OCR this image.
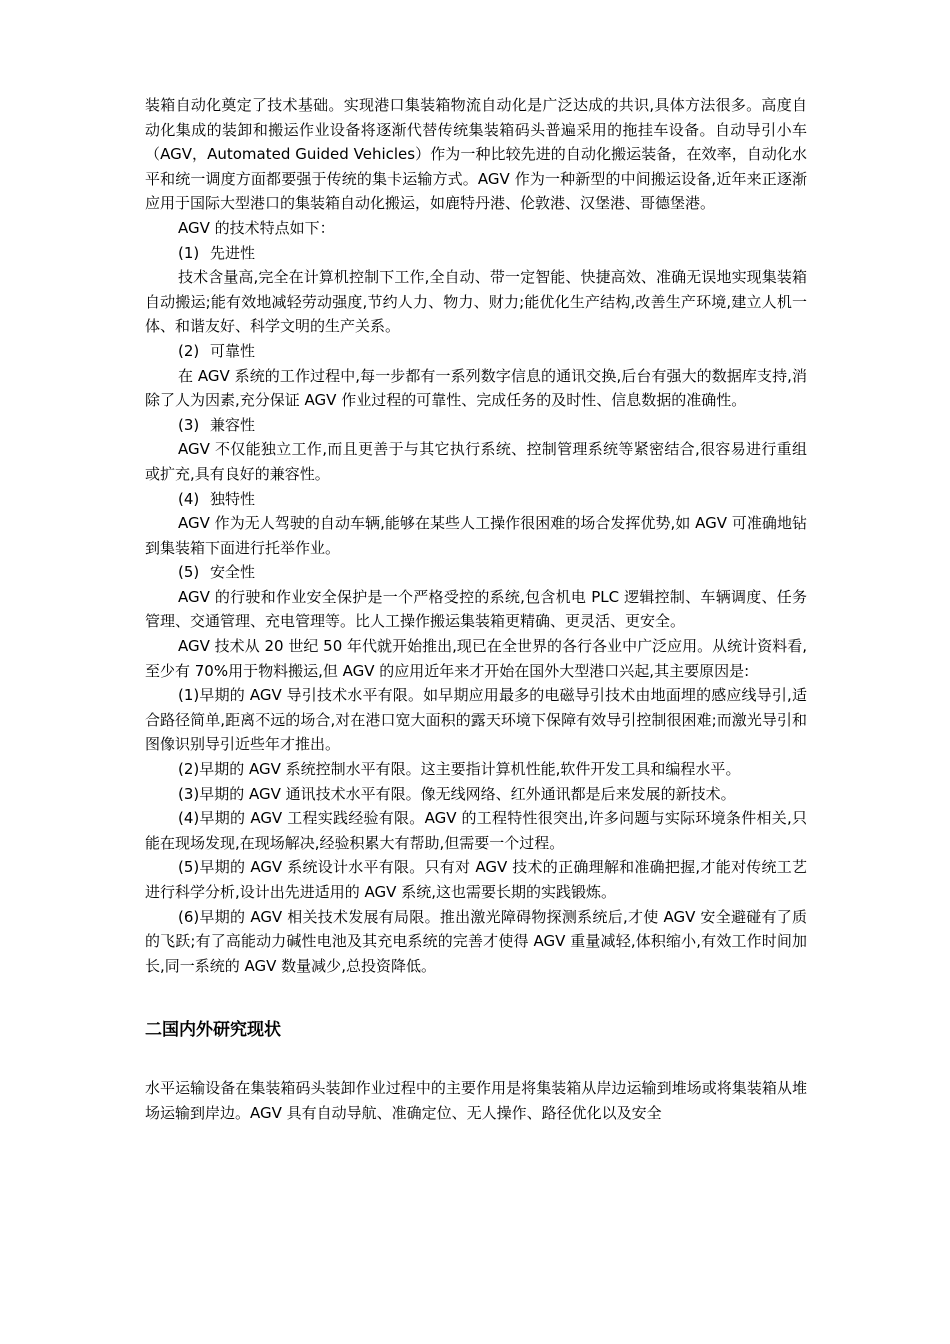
装箱自动化奠定了技术基础。实现港口集装箱物流自动化是广泛达成的共识,具体方法很多。高度自动化集成的装卸和搬运作业设备将逐渐代替传统集装箱码头普遍采用的拖挂车设备。自动导引小车（AGV，Automated Guided Vehicles）作为一种比较先进的自动化搬运装备，在效率，自动化水平和统一调度方面都要强于传统的集卡运输方式。AGV 作为一种新型的中间搬运设备,近年来正逐渐应用于国际大型港口的集装箱自动化搬运，如鹿特丹港、伦敦港、汉堡港、哥德堡港。

AGV 的技术特点如下：

(1) 先进性

技术含量高,完全在计算机控制下工作,全自动、带一定智能、快捷高效、准确无误地实现集装箱自动搬运;能有效地减轻劳动强度,节约人力、物力、财力;能优化生产结构,改善生产环境,建立人机一体、和谐友好、科学文明的生产关系。

(2) 可靠性

在 AGV 系统的工作过程中,每一步都有一系列数字信息的通讯交换,后台有强大的数据库支持,消除了人为因素,充分保证 AGV 作业过程的可靠性、完成任务的及时性、信息数据的准确性。

(3) 兼容性

AGV 不仅能独立工作,而且更善于与其它执行系统、控制管理系统等紧密结合,很容易进行重组或扩充,具有良好的兼容性。

(4) 独特性

AGV 作为无人驾驶的自动车辆,能够在某些人工操作很困难的场合发挥优势,如 AGV 可准确地钻到集装箱下面进行托举作业。

(5) 安全性

AGV 的行驶和作业安全保护是一个严格受控的系统,包含机电 PLC 逻辑控制、车辆调度、任务管理、交通管理、充电管理等。比人工操作搬运集装箱更精确、更灵活、更安全。

AGV 技术从 20 世纪 50 年代就开始推出,现已在全世界的各行各业中广泛应用。从统计资料看,至少有 70%用于物料搬运,但 AGV 的应用近年来才开始在国外大型港口兴起,其主要原因是:

(1)早期的 AGV 导引技术水平有限。如早期应用最多的电磁导引技术由地面埋的感应线导引,适合路径简单,距离不远的场合,对在港口宽大面积的露天环境下保障有效导引控制很困难;而激光导引和图像识别导引近些年才推出。

(2)早期的 AGV 系统控制水平有限。这主要指计算机性能,软件开发工具和编程水平。

(3)早期的 AGV 通讯技术水平有限。像无线网络、红外通讯都是后来发展的新技术。

(4)早期的 AGV 工程实践经验有限。AGV 的工程特性很突出,许多问题与实际环境条件相关,只能在现场发现,在现场解决,经验积累大有帮助,但需要一个过程。

(5)早期的 AGV 系统设计水平有限。只有对 AGV 技术的正确理解和准确把握,才能对传统工艺进行科学分析,设计出先进适用的 AGV 系统,这也需要长期的实践锻炼。

(6)早期的 AGV 相关技术发展有局限。推出激光障碍物探测系统后,才使 AGV 安全避碰有了质的飞跃;有了高能动力碱性电池及其充电系统的完善才使得 AGV 重量减轻,体积缩小,有效工作时间加长,同一系统的 AGV 数量减少,总投资降低。

二国内外研究现状

水平运输设备在集装箱码头装卸作业过程中的主要作用是将集装箱从岸边运输到堆场或将集装箱从堆场运输到岸边。AGV 具有自动导航、准确定位、无人操作、路径优化以及安全
